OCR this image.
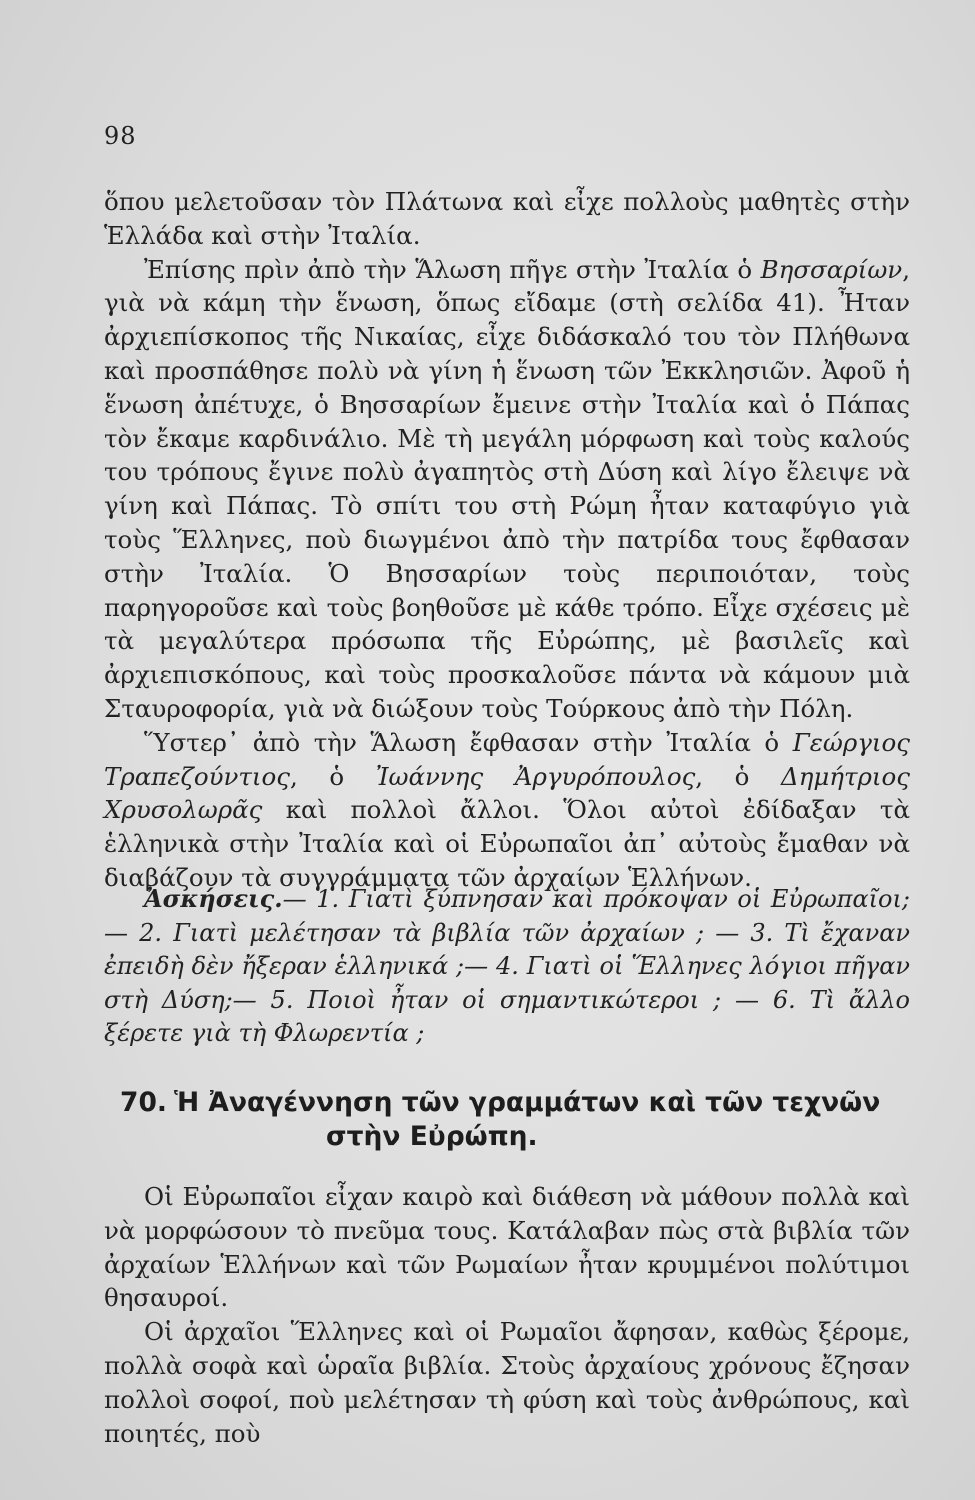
98

ὅπου μελετοῦσαν τὸν Πλάτωνα καὶ εἶχε πολλοὺς μαθητὲς στὴν Ἑλλάδα καὶ στὴν Ἰταλία.

Ἐπίσης πρὶν ἀπὸ τὴν Ἅλωση πῆγε στὴν Ἰταλία ὁ Βησσαρίων, γιὰ νὰ κάμη τὴν ἕνωση, ὅπως εἴδαμε (στὴ σελίδα 41). Ἦταν ἀρχιεπίσκοπος τῆς Νικαίας, εἶχε διδάσκαλό του τὸν Πλήθωνα καὶ προσπάθησε πολὺ νὰ γίνη ἡ ἕνωση τῶν Ἐκκλησιῶν. Ἀφοῦ ἡ ἕνωση ἀπέτυχε, ὁ Βησσαρίων ἔμεινε στὴν Ἰταλία καὶ ὁ Πάπας τὸν ἔκαμε καρδινάλιο. Μὲ τὴ μεγάλη μόρφωση καὶ τοὺς καλούς του τρόπους ἔγινε πολὺ ἀγαπητὸς στὴ Δύση καὶ λίγο ἔλειψε νὰ γίνη καὶ Πάπας. Τὸ σπίτι του στὴ Ρώμη ἦταν καταφύγιο γιὰ τοὺς Ἕλληνες, ποὺ διωγμένοι ἀπὸ τὴν πατρίδα τους ἔφθασαν στὴν Ἰταλία. Ὁ Βησσαρίων τοὺς περιποιόταν, τοὺς παρηγοροῦσε καὶ τοὺς βοηθοῦσε μὲ κάθε τρόπο. Εἶχε σχέσεις μὲ τὰ μεγαλύτερα πρόσωπα τῆς Εὐρώπης, μὲ βασιλεῖς καὶ ἀρχιεπισκόπους, καὶ τοὺς προσκαλοῦσε πάντα νὰ κάμουν μιὰ Σταυροφορία, γιὰ νὰ διώξουν τοὺς Τούρκους ἀπὸ τὴν Πόλη.

Ὕστερ᾿ ἀπὸ τὴν Ἅλωση ἔφθασαν στὴν Ἰταλία ὁ Γεώργιος Τραπεζούντιος, ὁ Ἰωάννης Ἀργυρόπουλος, ὁ Δημήτριος Χρυσολωρᾶς καὶ πολλοὶ ἄλλοι. Ὅλοι αὐτοὶ ἐδίδαξαν τὰ ἑλληνικὰ στὴν Ἰταλία καὶ οἱ Εὐρωπαῖοι ἀπ᾿ αὐτοὺς ἔμαθαν νὰ διαβάζουν τὰ συγγράμματα τῶν ἀρχαίων Ἑλλήνων.

Ἀσκήσεις.— 1. Γιατὶ ξύπνησαν καὶ πρόκοψαν οἱ Εὐρωπαῖοι;— 2. Γιατὶ μελέτησαν τὰ βιβλία τῶν ἀρχαίων ; — 3. Τὶ ἔχαναν ἐπειδὴ δὲν ἤξεραν ἑλληνικά ;— 4. Γιατὶ οἱ Ἕλληνες λόγιοι πῆγαν στὴ Δύση;— 5. Ποιοὶ ἦταν οἱ σημαντικώτεροι ; — 6. Τὶ ἄλλο ξέρετε γιὰ τὴ Φλωρεντία ;

70. Ἡ Ἀναγέννηση τῶν γραμμάτων καὶ τῶν τεχνῶν
στὴν Εὐρώπη.

Οἱ Εὐρωπαῖοι εἶχαν καιρὸ καὶ διάθεση νὰ μάθουν πολλὰ καὶ νὰ μορφώσουν τὸ πνεῦμα τους. Κατάλαβαν πὼς στὰ βιβλία τῶν ἀρχαίων Ἑλλήνων καὶ τῶν Ρωμαίων ἦταν κρυμμένοι πολύτιμοι θησαυροί.

Οἱ ἀρχαῖοι Ἕλληνες καὶ οἱ Ρωμαῖοι ἄφησαν, καθὼς ξέρομε, πολλὰ σοφὰ καὶ ὡραῖα βιβλία. Στοὺς ἀρχαίους χρόνους ἔζησαν πολλοὶ σοφοί, ποὺ μελέτησαν τὴ φύση καὶ τοὺς ἀνθρώπους, καὶ ποιητές, ποὺ
